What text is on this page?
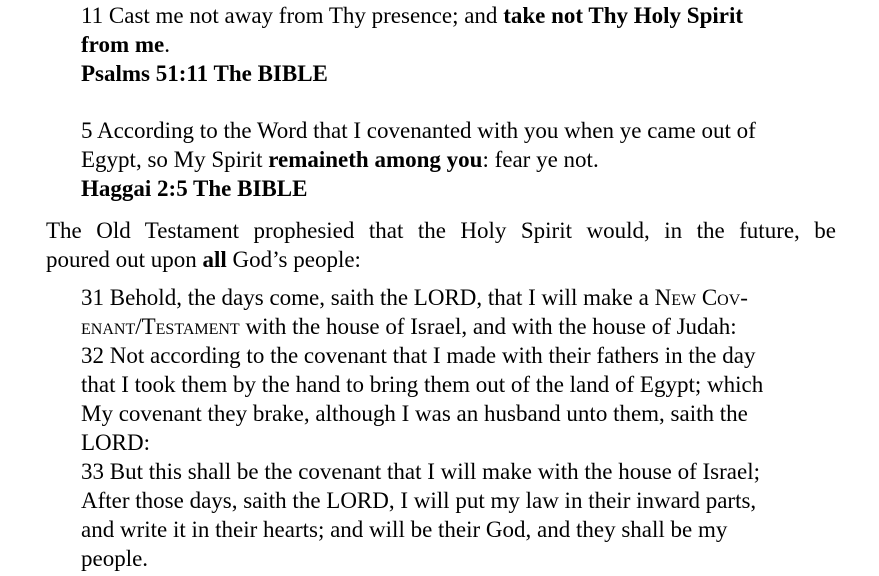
11 Cast me not away from Thy presence; and take not Thy Holy Spirit
from me.
Psalms 51:11 The BIBLE
5 According to the Word that I covenanted with you when ye came out of
Egypt, so My Spirit remaineth among you: fear ye not.
Haggai 2:5 The BIBLE
The Old Testament prophesied that the Holy Spirit would, in the future, be
poured out upon all God’s people:
31 Behold, the days come, saith the LORD, that I will make a New Cov-
enant/Testament with the house of Israel, and with the house of Judah:
32 Not according to the covenant that I made with their fathers in the day
that I took them by the hand to bring them out of the land of Egypt; which
My covenant they brake, although I was an husband unto them, saith the
LORD:
33 But this shall be the covenant that I will make with the house of Israel;
After those days, saith the LORD, I will put my law in their inward parts,
and write it in their hearts; and will be their God, and they shall be my
people.
